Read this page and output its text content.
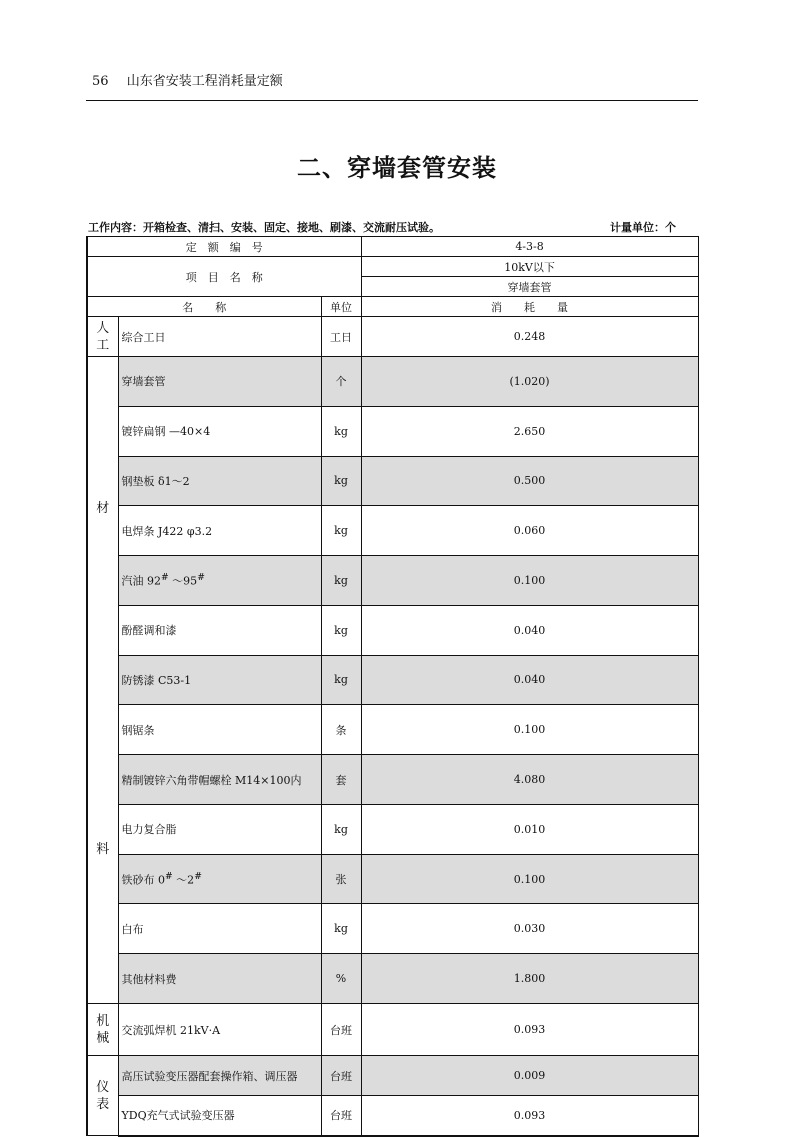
56 山东省安装工程消耗量定额
二、穿墙套管安装
工作内容：开箱检查、清扫、安装、固定、接地、刷漆、交流耐压试验。	计量单位：个
定　额　编　号			4-3-8
项　目　名　称			10kV以下
			穿墙套管
名　　称		单位	消　　耗　　量
人
工	综合工日	工日	0.248

材
料	穿墙套管	个	(1.020)
	镀锌扁钢 —40×4	kg	2.650
	钢垫板 δ1～2	kg	0.500
	电焊条 J422 φ3.2	kg	0.060
	汽油 92# ～95#	kg	0.100
	酚醛调和漆	kg	0.040
	防锈漆 C53-1	kg	0.040
	钢锯条	条	0.100
	精制镀锌六角带帽螺栓 M14×100内	套	4.080
	电力复合脂	kg	0.010
	铁砂布 0# ～2#	张	0.100
	白布	kg	0.030
	其他材料费	%	1.800
机
械	交流弧焊机 21kV·A	台班	0.093
仪
表	高压试验变压器配套操作箱、调压器	台班	0.009
	YDQ充气式试验变压器	台班	0.093
